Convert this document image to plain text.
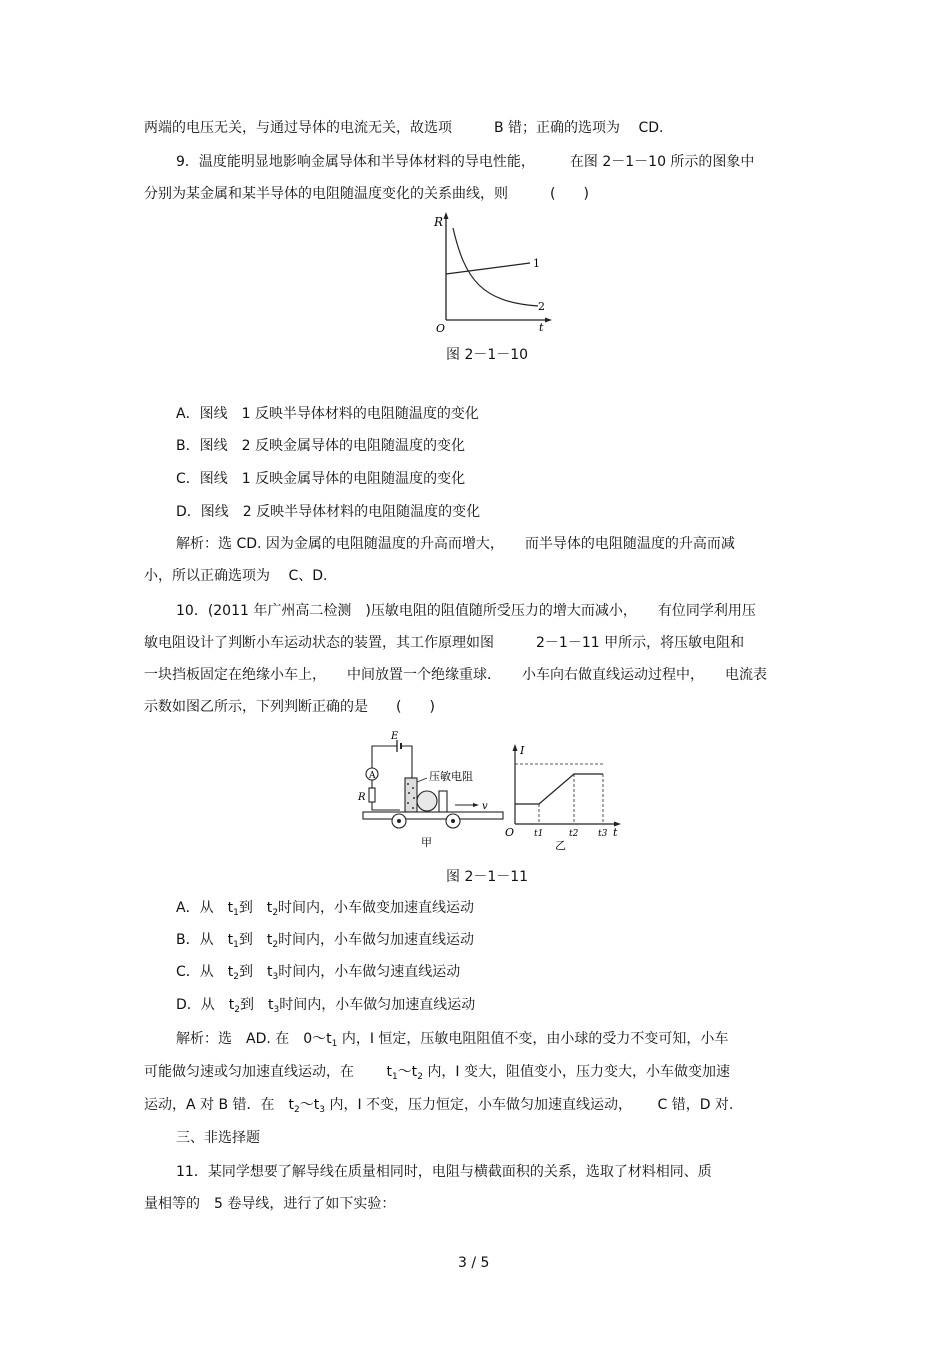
两端的电压无关，与通过导体的电流无关，故选项　　　B 错；正确的选项为　 CD.
9．温度能明显地影响金属导体和半导体材料的导电性能，　　　在图 2－1－10 所示的图象中
分别为某金属和某半导体的电阻随温度变化的关系曲线，则　　　(　　)
R
O	t
1
2
图 2－1－10
A．图线　1 反映半导体材料的电阻随温度的变化
B．图线　2 反映金属导体的电阻随温度的变化
C．图线　1 反映金属导体的电阻随温度的变化
D．图线　2 反映半导体材料的电阻随温度的变化
解析：选 CD. 因为金属的电阻随温度的升高而增大，　　而半导体的电阻随温度的升高而减
小，所以正确选项为　 C、D.
10．(2011 年广州高二检测　)压敏电阻的阻值随所受压力的增大而减小，　　有位同学利用压
敏电阻设计了判断小车运动状态的装置，其工作原理如图　　　2－1－11 甲所示，将压敏电阻和
一块挡板固定在绝缘小车上，　　中间放置一个绝缘重球．　　小车向右做直线运动过程中，　　电流表
示数如图乙所示，下列判断正确的是　　(　　)
E
A
R
压敏电阻
v
甲
I
O t1	t2 t3 t
乙
图 2－1－11
A．从　$t_1$到　$t_2$时间内，小车做变加速直线运动
B．从　$t_1$到　$t_2$时间内，小车做匀加速直线运动
C．从　$t_2$到　$t_3$时间内，小车做匀速直线运动
D．从　$t_2$到　$t_3$时间内，小车做匀加速直线运动
解析：选　AD. 在　$0\sim t_1$ 内，I 恒定，压敏电阻阻值不变，由小球的受力不变可知，小车
可能做匀速或匀加速直线运动，在　　 $t_1\sim t_2$ 内，I 变大，阻值变小，压力变大，小车做变加速
运动，A 对 B 错．在　$t_2\sim t_3$ 内，I 不变，压力恒定，小车做匀加速直线运动，　　 C 错，D 对.
三、非选择题
11．某同学想要了解导线在质量相同时，电阻与横截面积的关系，选取了材料相同、质
量相等的　5 卷导线，进行了如下实验：
3 / 5
